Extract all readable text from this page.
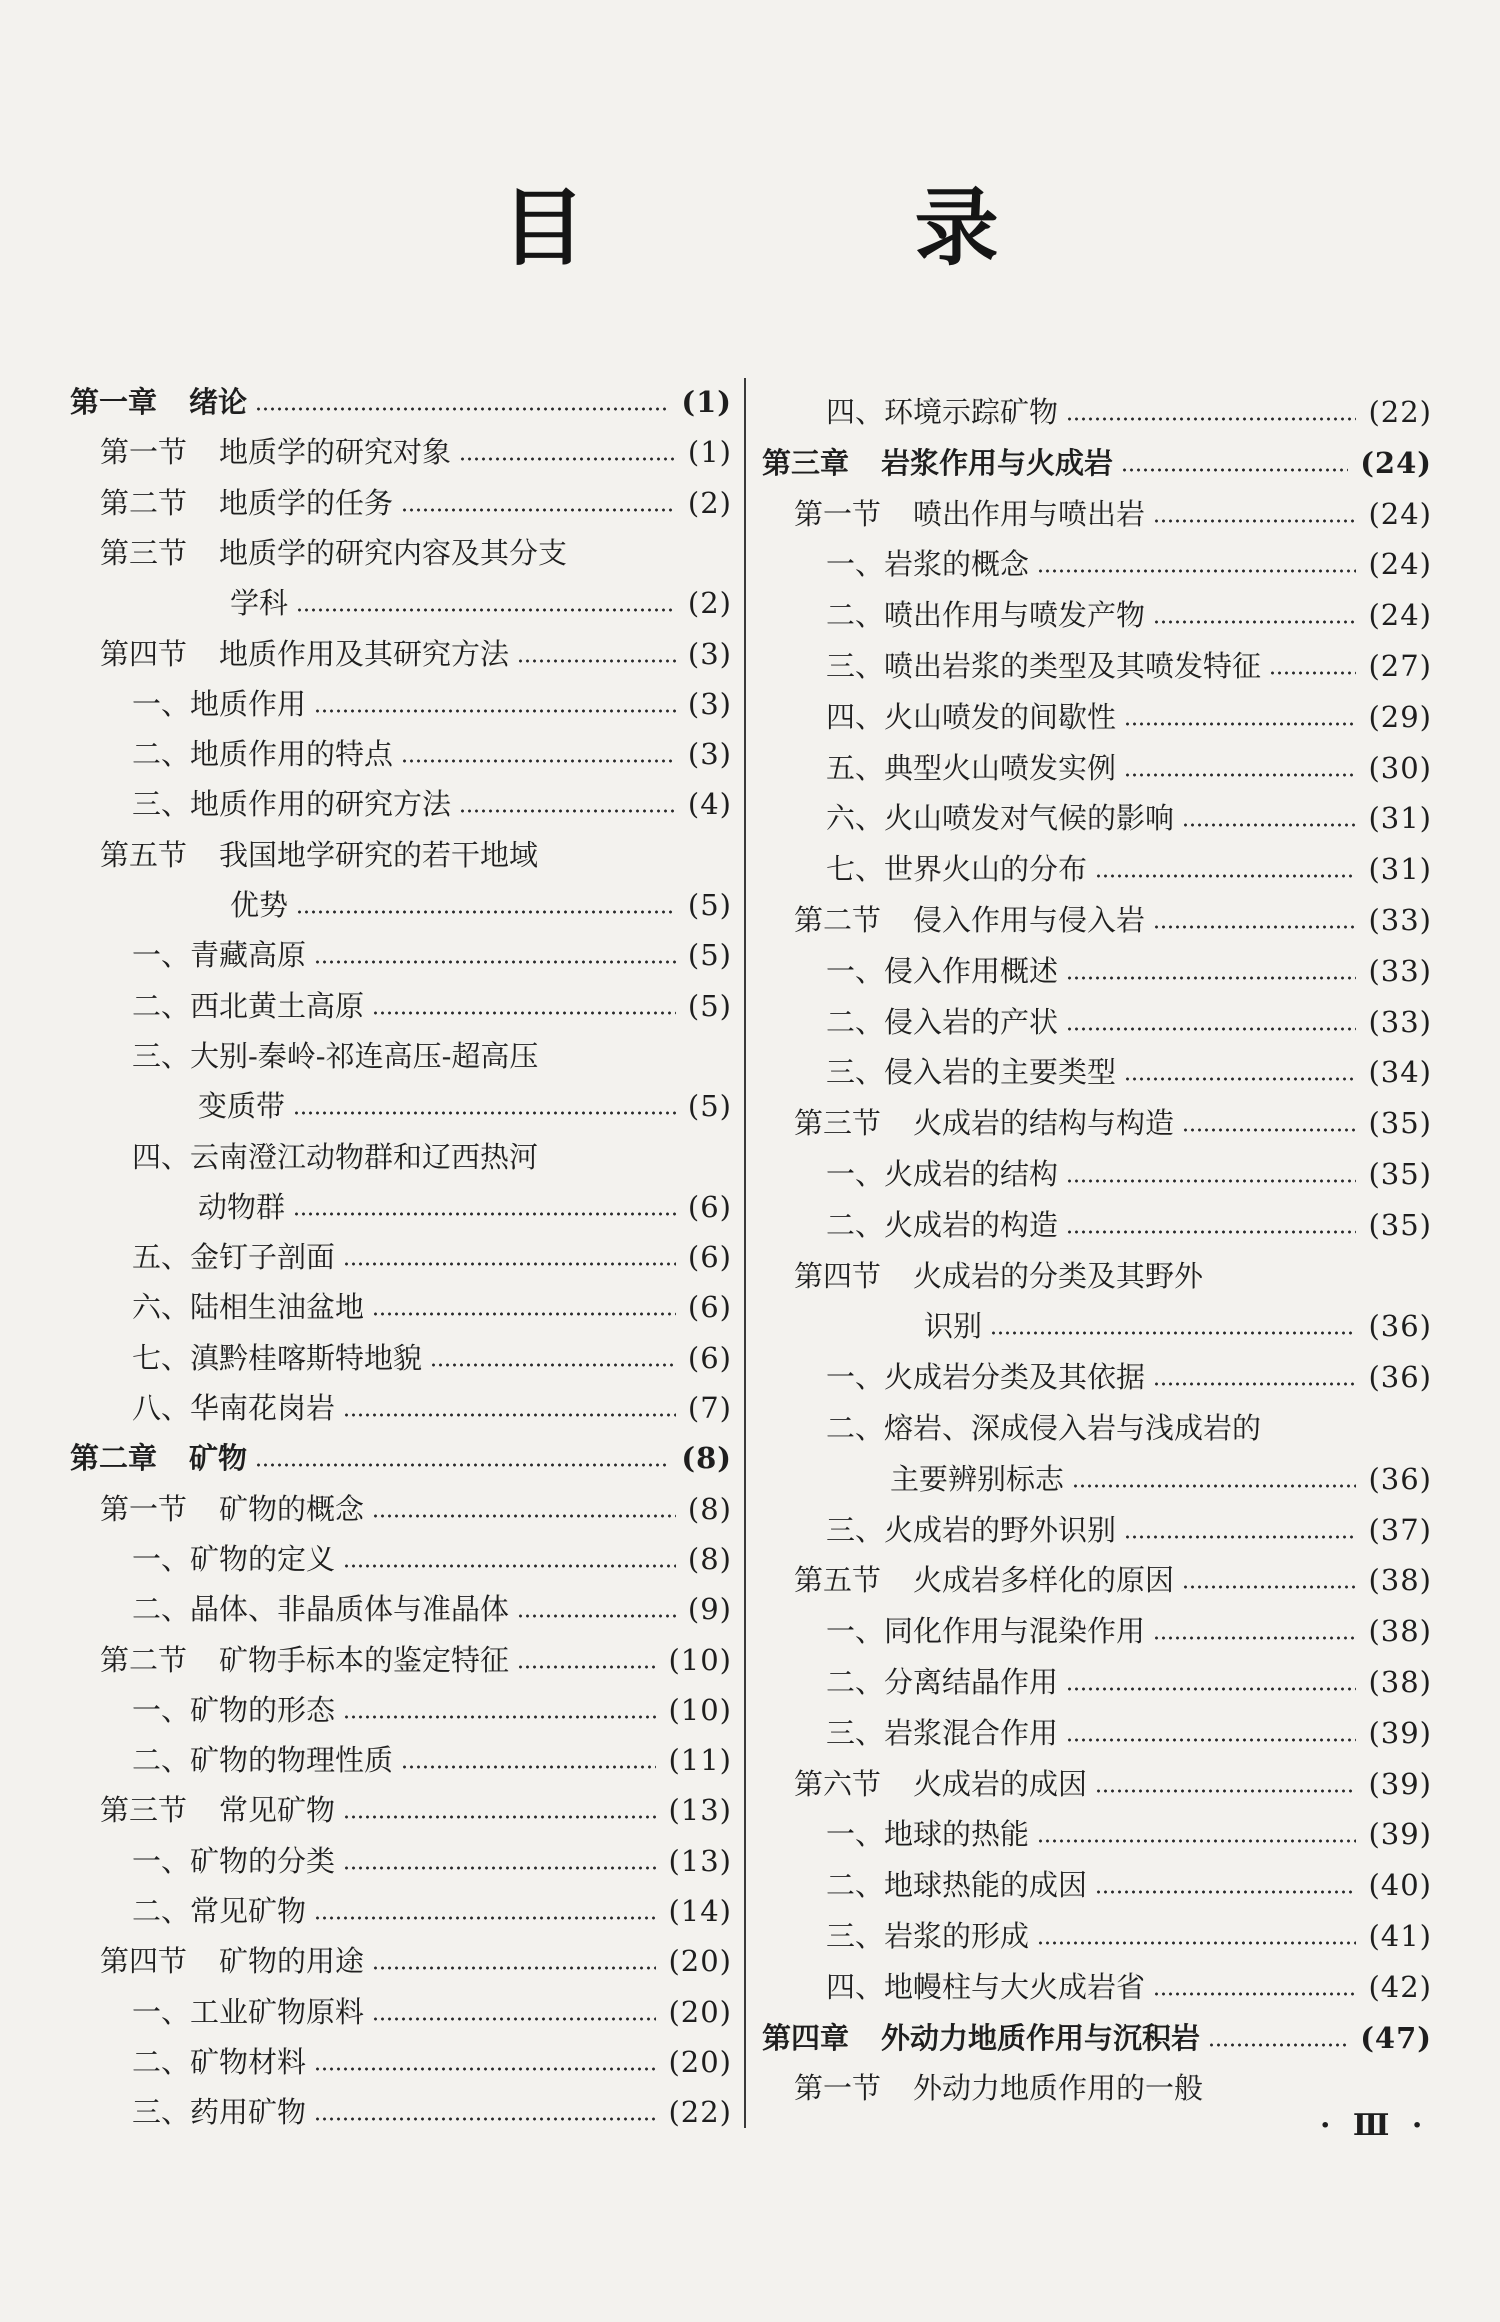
目 录
第一章 绪论	(1)
第一节 地质学的研究对象	(1)
第二节 地质学的任务	(2)
第三节 地质学的研究内容及其分支
学科	(2)
第四节 地质作用及其研究方法	(3)
一、地质作用	(3)
二、地质作用的特点	(3)
三、地质作用的研究方法	(4)
第五节 我国地学研究的若干地域
优势	(5)
一、青藏高原	(5)
二、西北黄土高原	(5)
三、大别-秦岭-祁连高压-超高压
变质带	(5)
四、云南澄江动物群和辽西热河
动物群	(6)
五、金钉子剖面	(6)
六、陆相生油盆地	(6)
七、滇黔桂喀斯特地貌	(6)
八、华南花岗岩	(7)
第二章 矿物	(8)
第一节 矿物的概念	(8)
一、矿物的定义	(8)
二、晶体、非晶质体与准晶体	(9)
第二节 矿物手标本的鉴定特征	(10)
一、矿物的形态	(10)
二、矿物的物理性质	(11)
第三节 常见矿物	(13)
一、矿物的分类	(13)
二、常见矿物	(14)
第四节 矿物的用途	(20)
一、工业矿物原料	(20)
二、矿物材料	(20)
三、药用矿物	(22)
四、环境示踪矿物	(22)
第三章 岩浆作用与火成岩	(24)
第一节 喷出作用与喷出岩	(24)
一、岩浆的概念	(24)
二、喷出作用与喷发产物	(24)
三、喷出岩浆的类型及其喷发特征	(27)
四、火山喷发的间歇性	(29)
五、典型火山喷发实例	(30)
六、火山喷发对气候的影响	(31)
七、世界火山的分布	(31)
第二节 侵入作用与侵入岩	(33)
一、侵入作用概述	(33)
二、侵入岩的产状	(33)
三、侵入岩的主要类型	(34)
第三节 火成岩的结构与构造	(35)
一、火成岩的结构	(35)
二、火成岩的构造	(35)
第四节 火成岩的分类及其野外
识别	(36)
一、火成岩分类及其依据	(36)
二、熔岩、深成侵入岩与浅成岩的
主要辨别标志	(36)
三、火成岩的野外识别	(37)
第五节 火成岩多样化的原因	(38)
一、同化作用与混染作用	(38)
二、分离结晶作用	(38)
三、岩浆混合作用	(39)
第六节 火成岩的成因	(39)
一、地球的热能	(39)
二、地球热能的成因	(40)
三、岩浆的形成	(41)
四、地幔柱与大火成岩省	(42)
第四章 外动力地质作用与沉积岩	(47)
第一节 外动力地质作用的一般
· Ⅲ ·
